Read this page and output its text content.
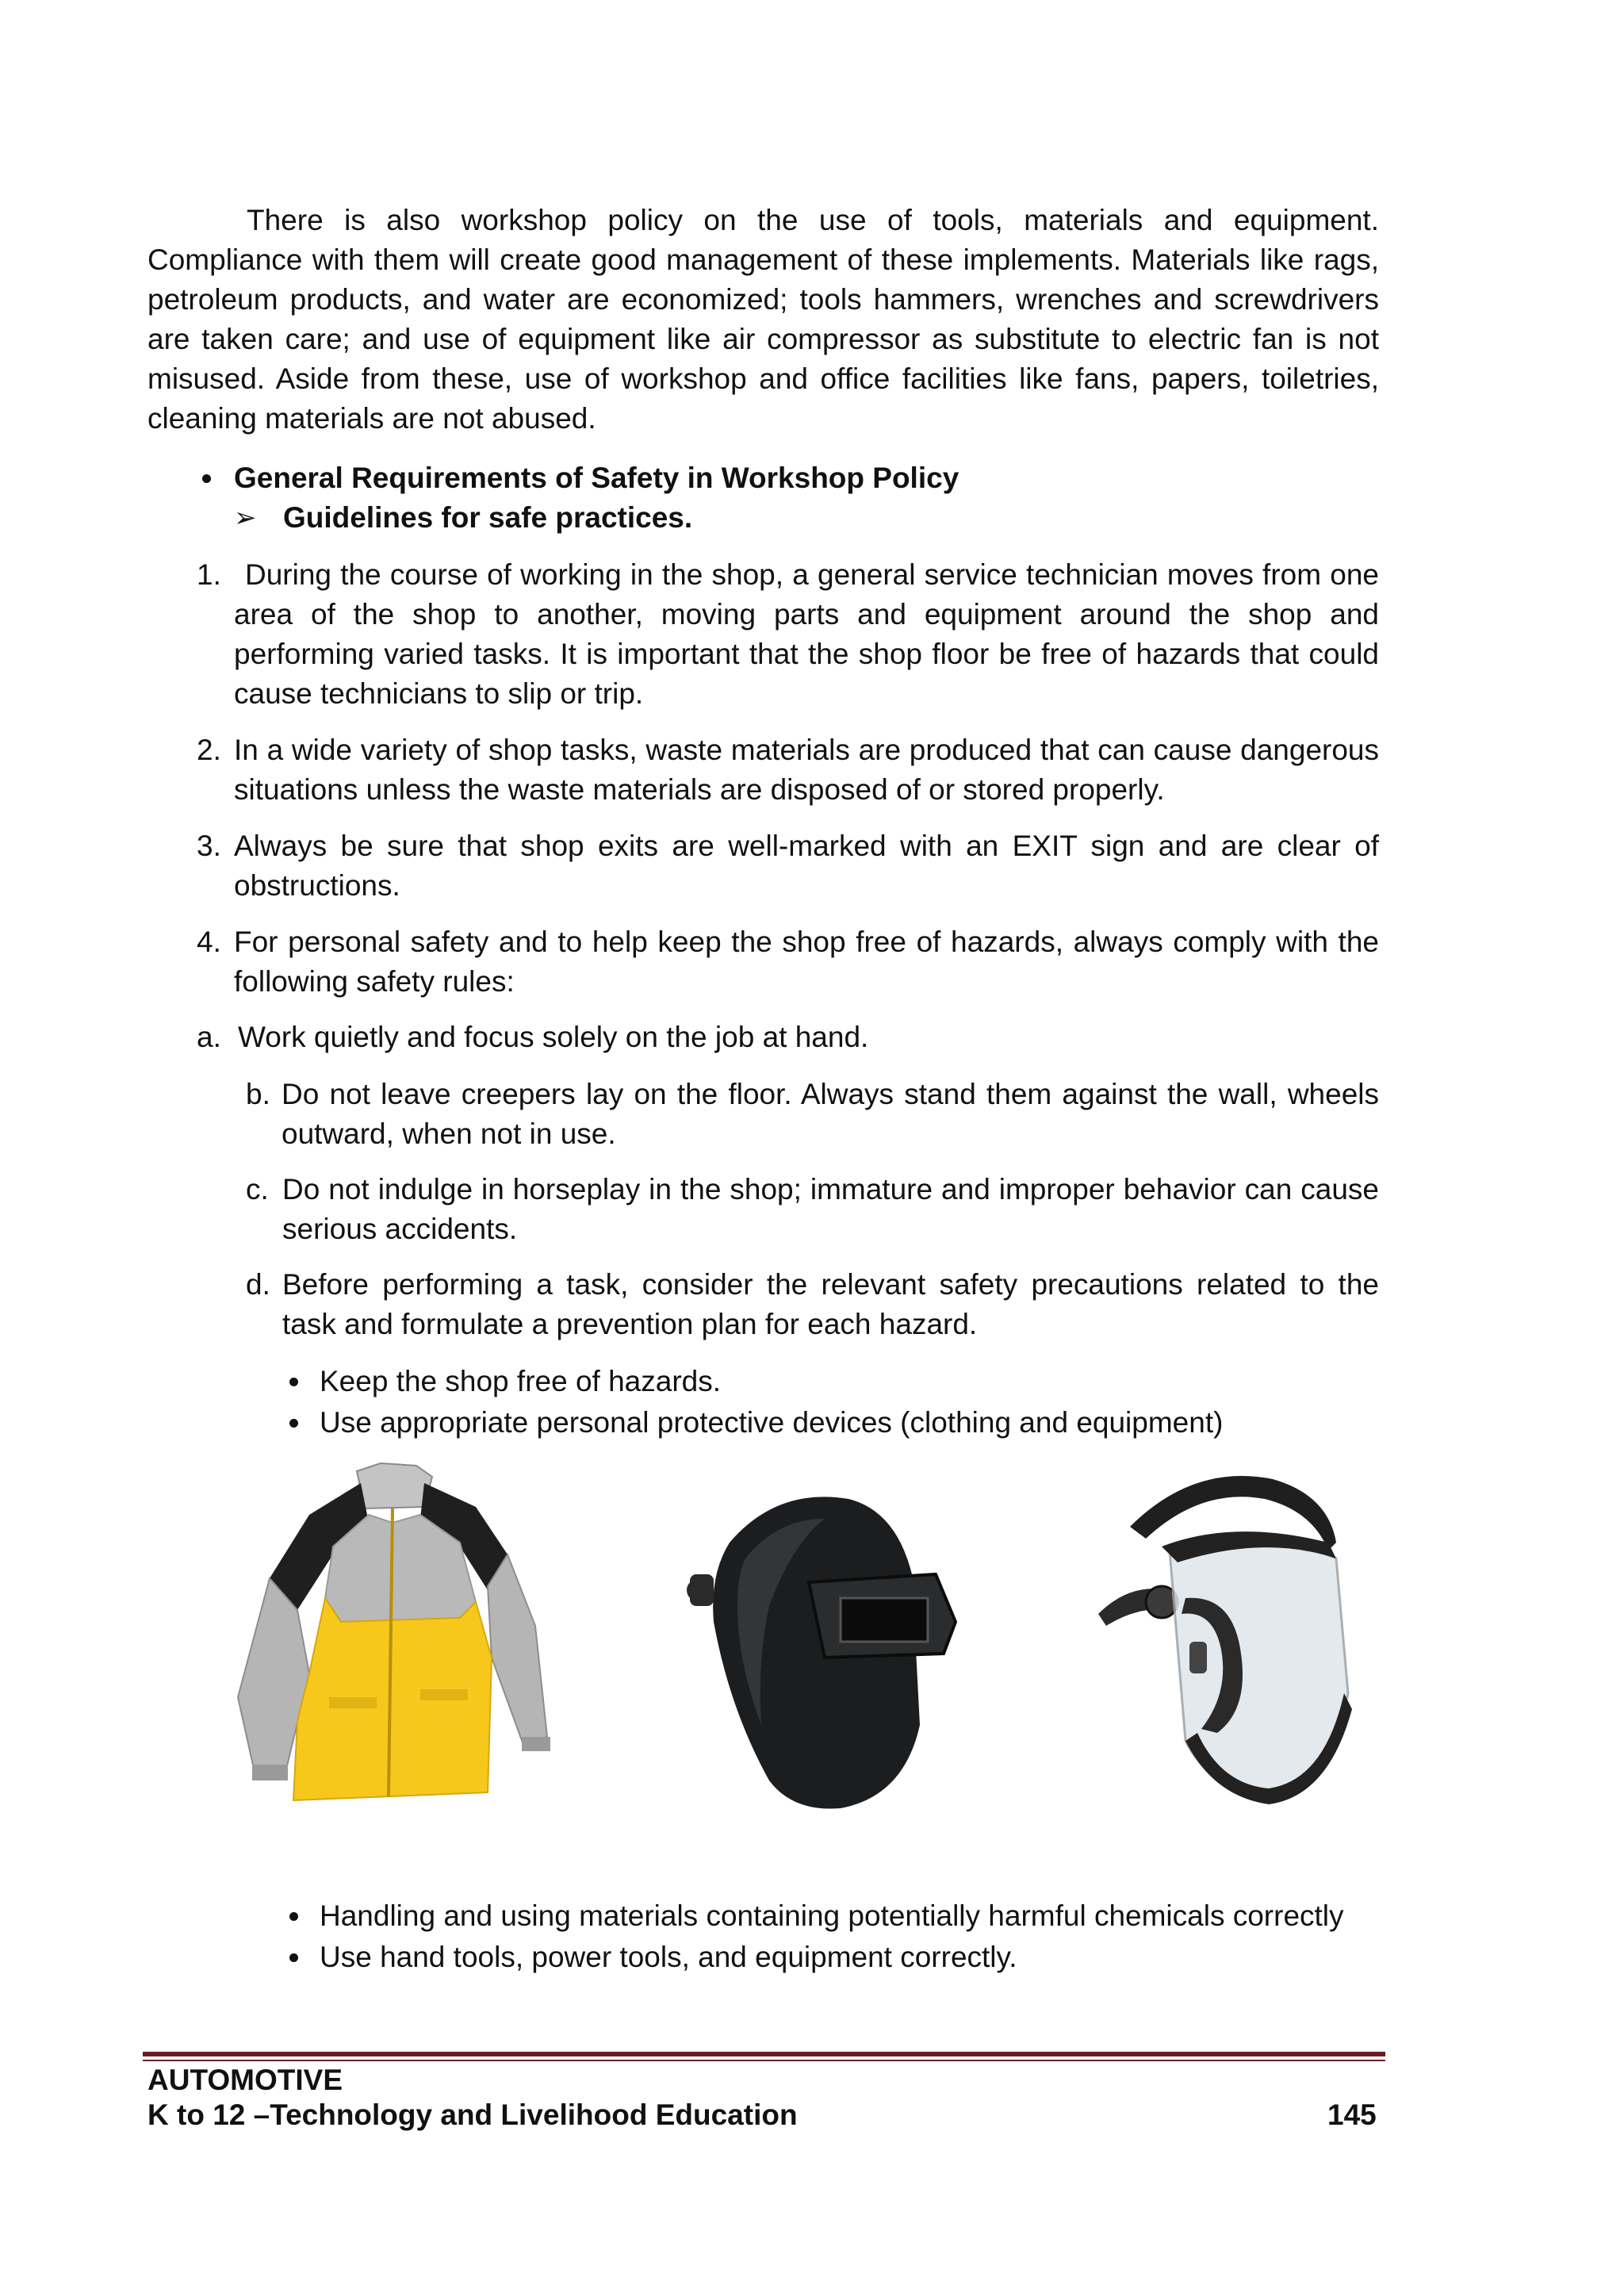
There is also workshop policy on the use of tools, materials and equipment. Compliance with them will create good management of these implements. Materials like rags, petroleum products, and water are economized; tools hammers, wrenches and screwdrivers are taken care; and use of equipment like air compressor as substitute to electric fan is not misused. Aside from these, use of workshop and office facilities like fans, papers, toiletries, cleaning materials are not abused.

General Requirements of Safety in Workshop Policy

➢ Guidelines for safe practices.

1. During the course of working in the shop, a general service technician moves from one area of the shop to another, moving parts and equipment around the shop and performing varied tasks. It is important that the shop floor be free of hazards that could cause technicians to slip or trip.

2. In a wide variety of shop tasks, waste materials are produced that can cause dangerous situations unless the waste materials are disposed of or stored properly.

3. Always be sure that shop exits are well-marked with an EXIT sign and are clear of obstructions.

4. For personal safety and to help keep the shop free of hazards, always comply with the following safety rules:

a. Work quietly and focus solely on the job at hand.

b. Do not leave creepers lay on the floor. Always stand them against the wall, wheels outward, when not in use.

c. Do not indulge in horseplay in the shop; immature and improper behavior can cause serious accidents.

d. Before performing a task, consider the relevant safety precautions related to the task and formulate a prevention plan for each hazard.

Keep the shop free of hazards.
Use appropriate personal protective devices (clothing and equipment)
Handling and using materials containing potentially harmful chemicals correctly
Use hand tools, power tools, and equipment correctly.
AUTOMOTIVE
K to 12 –Technology and Livelihood Education	145
